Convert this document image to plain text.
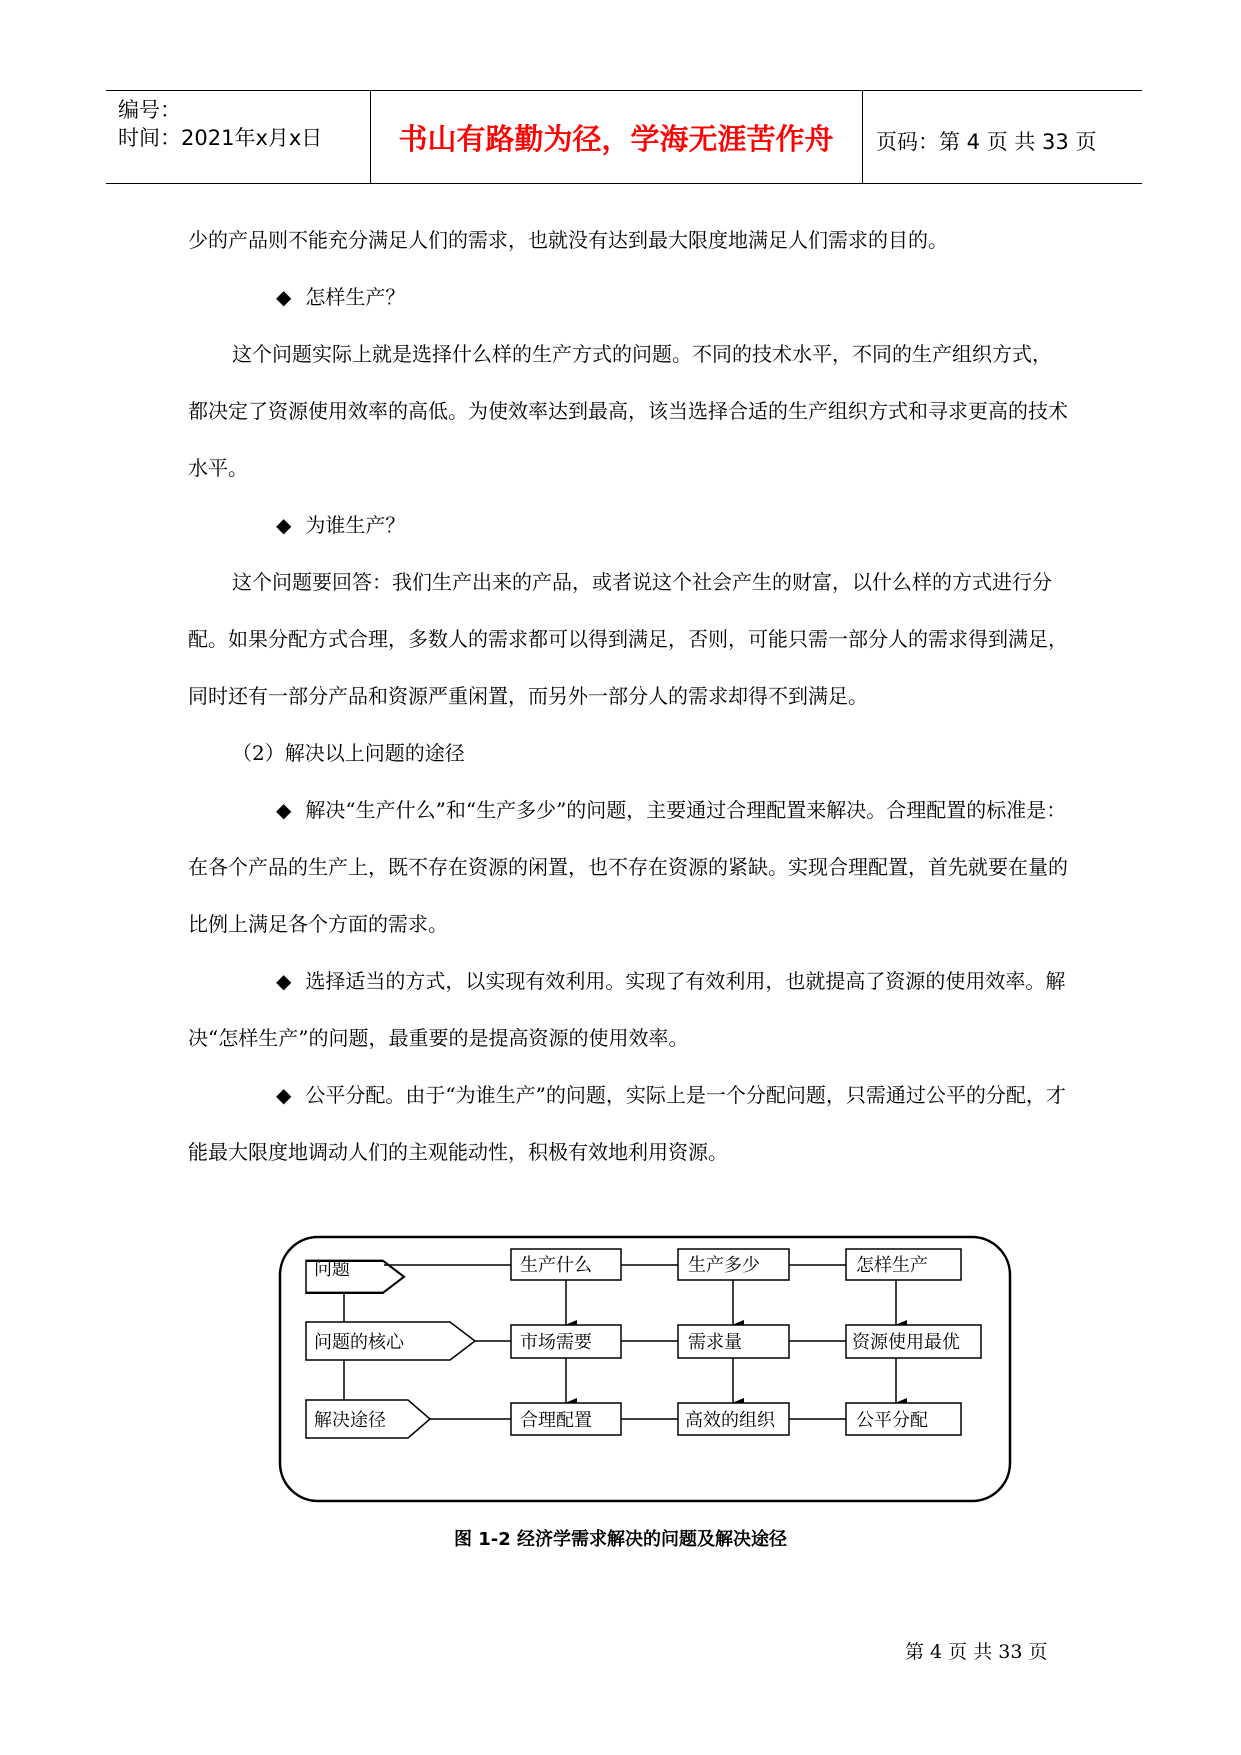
编号：
时间：2021年x月x日	书山有路勤为径，学海无涯苦作舟	页码：第 4 页 共 33 页

少的产品则不能充分满足人们的需求，也就没有达到最大限度地满足人们需求的目的。

◆ 怎样生产？

这个问题实际上就是选择什么样的生产方式的问题。不同的技术水平，不同的生产组织方式，都决定了资源使用效率的高低。为使效率达到最高，该当选择合适的生产组织方式和寻求更高的技术水平。

◆ 为谁生产？

这个问题要回答：我们生产出来的产品，或者说这个社会产生的财富，以什么样的方式进行分配。如果分配方式合理，多数人的需求都可以得到满足，否则，可能只需一部分人的需求得到满足，同时还有一部分产品和资源严重闲置，而另外一部分人的需求却得不到满足。

（2）解决以上问题的途径

◆ 解决“生产什么”和“生产多少”的问题，主要通过合理配置来解决。合理配置的标准是：在各个产品的生产上，既不存在资源的闲置，也不存在资源的紧缺。实现合理配置，首先就要在量的比例上满足各个方面的需求。

◆ 选择适当的方式，以实现有效利用。实现了有效利用，也就提高了资源的使用效率。解决“怎样生产”的问题，最重要的是提高资源的使用效率。

◆ 公平分配。由于“为谁生产”的问题，实际上是一个分配问题，只需通过公平的分配，才能最大限度地调动人们的主观能动性，积极有效地利用资源。

问题
问题的核心
解决途径
生产什么	生产多少	怎样生产
市场需要	需求量	资源使用最优
合理配置	高效的组织	公平分配
图 1-2 经济学需求解决的问题及解决途径
第 4 页 共 33 页
